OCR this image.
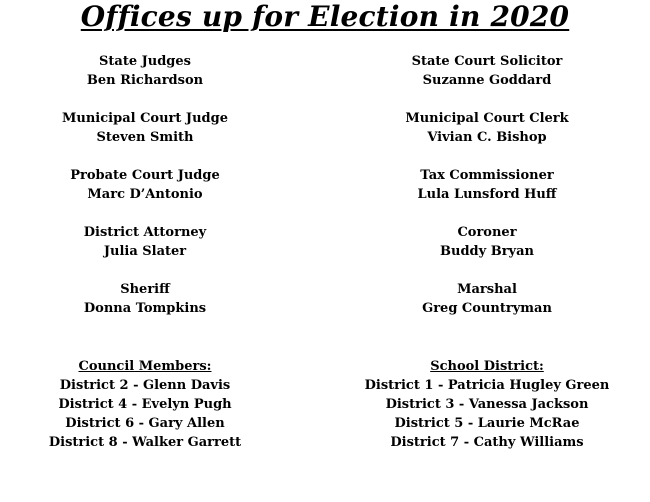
Offices up for Election in 2020
State Judges
Ben Richardson
Municipal Court Judge
Steven Smith
Probate Court Judge
Marc D’Antonio
District Attorney
Julia Slater
Sheriff
Donna Tompkins
Council Members:
District 2 - Glenn Davis
District 4 - Evelyn Pugh
District 6 - Gary Allen
District 8 - Walker Garrett
State Court Solicitor
Suzanne Goddard
Municipal Court Clerk
Vivian C. Bishop
Tax Commissioner
Lula Lunsford Huff
Coroner
Buddy Bryan
Marshal
Greg Countryman
School District:
District 1 - Patricia Hugley Green
District 3 - Vanessa Jackson
District 5 - Laurie McRae
District 7 - Cathy Williams
